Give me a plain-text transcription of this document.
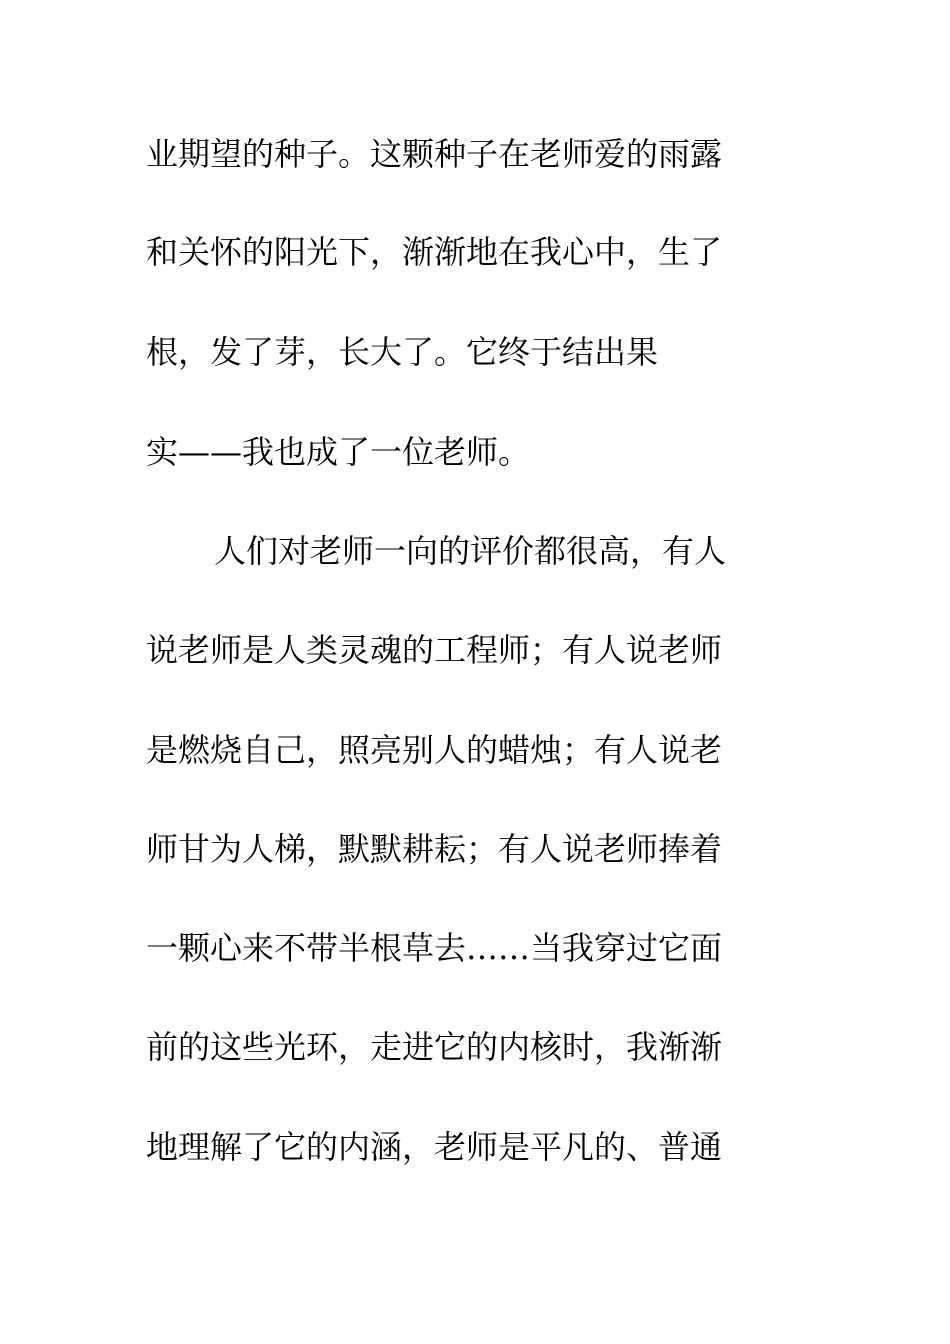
业期望的种子。这颗种子在老师爱的雨露
和关怀的阳光下，渐渐地在我心中，生了
根，发了芽，长大了。它终于结出果
实——我也成了一位老师。
人们对老师一向的评价都很高，有人
说老师是人类灵魂的工程师；有人说老师
是燃烧自己，照亮别人的蜡烛；有人说老
师甘为人梯，默默耕耘；有人说老师捧着
一颗心来不带半根草去……当我穿过它面
前的这些光环，走进它的内核时，我渐渐
地理解了它的内涵，老师是平凡的、普通
